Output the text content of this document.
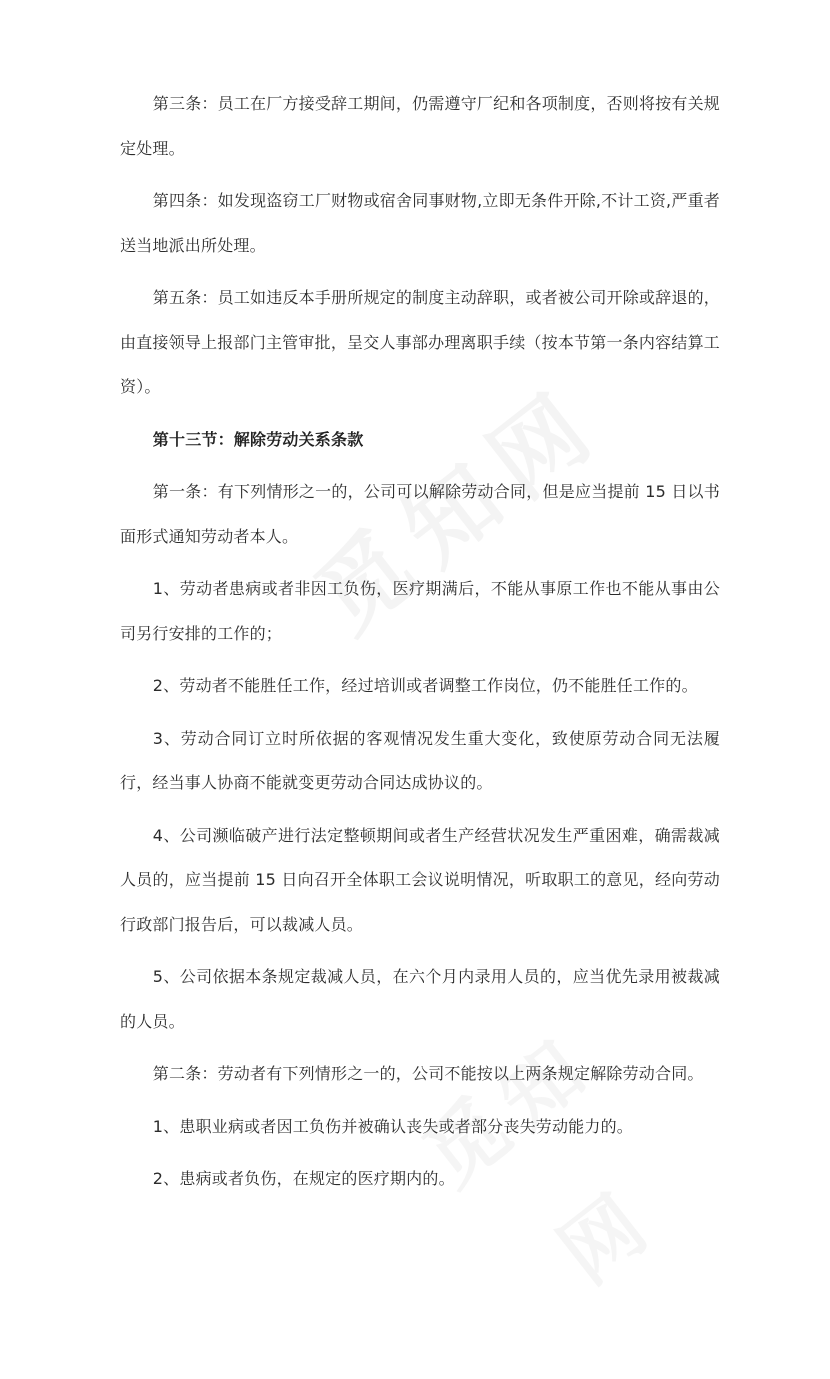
第三条：员工在厂方接受辞工期间，仍需遵守厂纪和各项制度，否则将按有关规定处理。

第四条：如发现盗窃工厂财物或宿舍同事财物,立即无条件开除,不计工资,严重者送当地派出所处理。

第五条：员工如违反本手册所规定的制度主动辞职，或者被公司开除或辞退的，由直接领导上报部门主管审批，呈交人事部办理离职手续（按本节第一条内容结算工资）。

第十三节：解除劳动关系条款

第一条：有下列情形之一的，公司可以解除劳动合同，但是应当提前 15 日以书面形式通知劳动者本人。

1、劳动者患病或者非因工负伤，医疗期满后，不能从事原工作也不能从事由公司另行安排的工作的；

2、劳动者不能胜任工作，经过培训或者调整工作岗位，仍不能胜任工作的。

3、劳动合同订立时所依据的客观情况发生重大变化，致使原劳动合同无法履行，经当事人协商不能就变更劳动合同达成协议的。

4、公司濒临破产进行法定整顿期间或者生产经营状况发生严重困难，确需裁减人员的，应当提前 15 日向召开全体职工会议说明情况，听取职工的意见，经向劳动行政部门报告后，可以裁减人员。

5、公司依据本条规定裁减人员，在六个月内录用人员的，应当优先录用被裁减的人员。

第二条：劳动者有下列情形之一的，公司不能按以上两条规定解除劳动合同。

1、患职业病或者因工负伤并被确认丧失或者部分丧失劳动能力的。

2、患病或者负伤，在规定的医疗期内的。
